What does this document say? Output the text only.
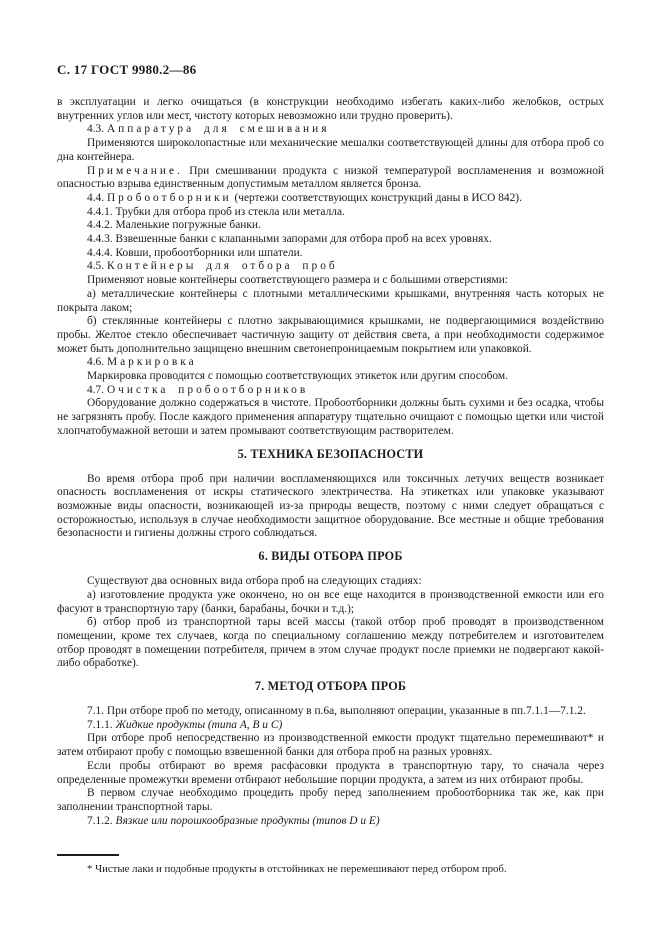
С. 17 ГОСТ 9980.2—86

в эксплуатации и легко очищаться (в конструкции необходимо избегать каких-либо желобков, острых внутренних углов или мест, чистоту которых невозможно или трудно проверить).

4.3. Аппаратура для смешивания

Применяются широколопастные или механические мешалки соответствующей длины для отбора проб со дна контейнера.

Примечание. При смешивании продукта с низкой температурой воспламенения и возможной опасностью взрыва единственным допустимым металлом является бронза.

4.4. Пробоотборники (чертежи соответствующих конструкций даны в ИСО 842).

4.4.1. Трубки для отбора проб из стекла или металла.

4.4.2. Маленькие погружные банки.

4.4.3. Взвешенные банки с клапанными запорами для отбора проб на всех уровнях.

4.4.4. Ковши, пробоотборники или шпатели.

4.5. Контейнеры для отбора проб

Применяют новые контейнеры соответствующего размера и с большими отверстиями:

а) металлические контейнеры с плотными металлическими крышками, внутренняя часть которых не покрыта лаком;

б) стеклянные контейнеры с плотно закрывающимися крышками, не подвергающимися воздействию пробы. Желтое стекло обеспечивает частичную защиту от действия света, а при необходимости содержимое может быть дополнительно защищено внешним светонепроницаемым покрытием или упаковкой.

4.6. Маркировка

Маркировка проводится с помощью соответствующих этикеток или другим способом.

4.7. Очистка пробоотборников

Оборудование должно содержаться в чистоте. Пробоотборники должны быть сухими и без осадка, чтобы не загрязнять пробу. После каждого применения аппаратуру тщательно очищают с помощью щетки или чистой хлопчатобумажной ветоши и затем промывают соответствующим растворителем.

5. ТЕХНИКА БЕЗОПАСНОСТИ

Во время отбора проб при наличии воспламеняющихся или токсичных летучих веществ возникает опасность воспламенения от искры статического электричества. На этикетках или упаковке указывают возможные виды опасности, возникающей из-за природы веществ, поэтому с ними следует обращаться с осторожностью, используя в случае необходимости защитное оборудование. Все местные и общие требования безопасности и гигиены должны строго соблюдаться.

6. ВИДЫ ОТБОРА ПРОБ

Существуют два основных вида отбора проб на следующих стадиях:

а) изготовление продукта уже окончено, но он все еще находится в производственной емкости или его фасуют в транспортную тару (банки, барабаны, бочки и т.д.);

б) отбор проб из транспортной тары всей массы (такой отбор проб проводят в производственном помещении, кроме тех случаев, когда по специальному соглашению между потребителем и изготовителем отбор проводят в помещении потребителя, причем в этом случае продукт после приемки не подвергают какой-либо обработке).

7. МЕТОД ОТБОРА ПРОБ

7.1. При отборе проб по методу, описанному в п.6а, выполняют операции, указанные в пп.7.1.1—7.1.2.

7.1.1. Жидкие продукты (типа A, B и C)

При отборе проб непосредственно из производственной емкости продукт тщательно перемешивают* и затем отбирают пробу с помощью взвешенной банки для отбора проб на разных уровнях.

Если пробы отбирают во время расфасовки продукта в транспортную тару, то сначала через определенные промежутки времени отбирают небольшие порции продукта, а затем из них отбирают пробы.

В первом случае необходимо процедить пробу перед заполнением пробоотборника так же, как при заполнении транспортной тары.

7.1.2. Вязкие или порошкообразные продукты (типов D и E)

* Чистые лаки и подобные продукты в отстойниках не перемешивают перед отбором проб.
